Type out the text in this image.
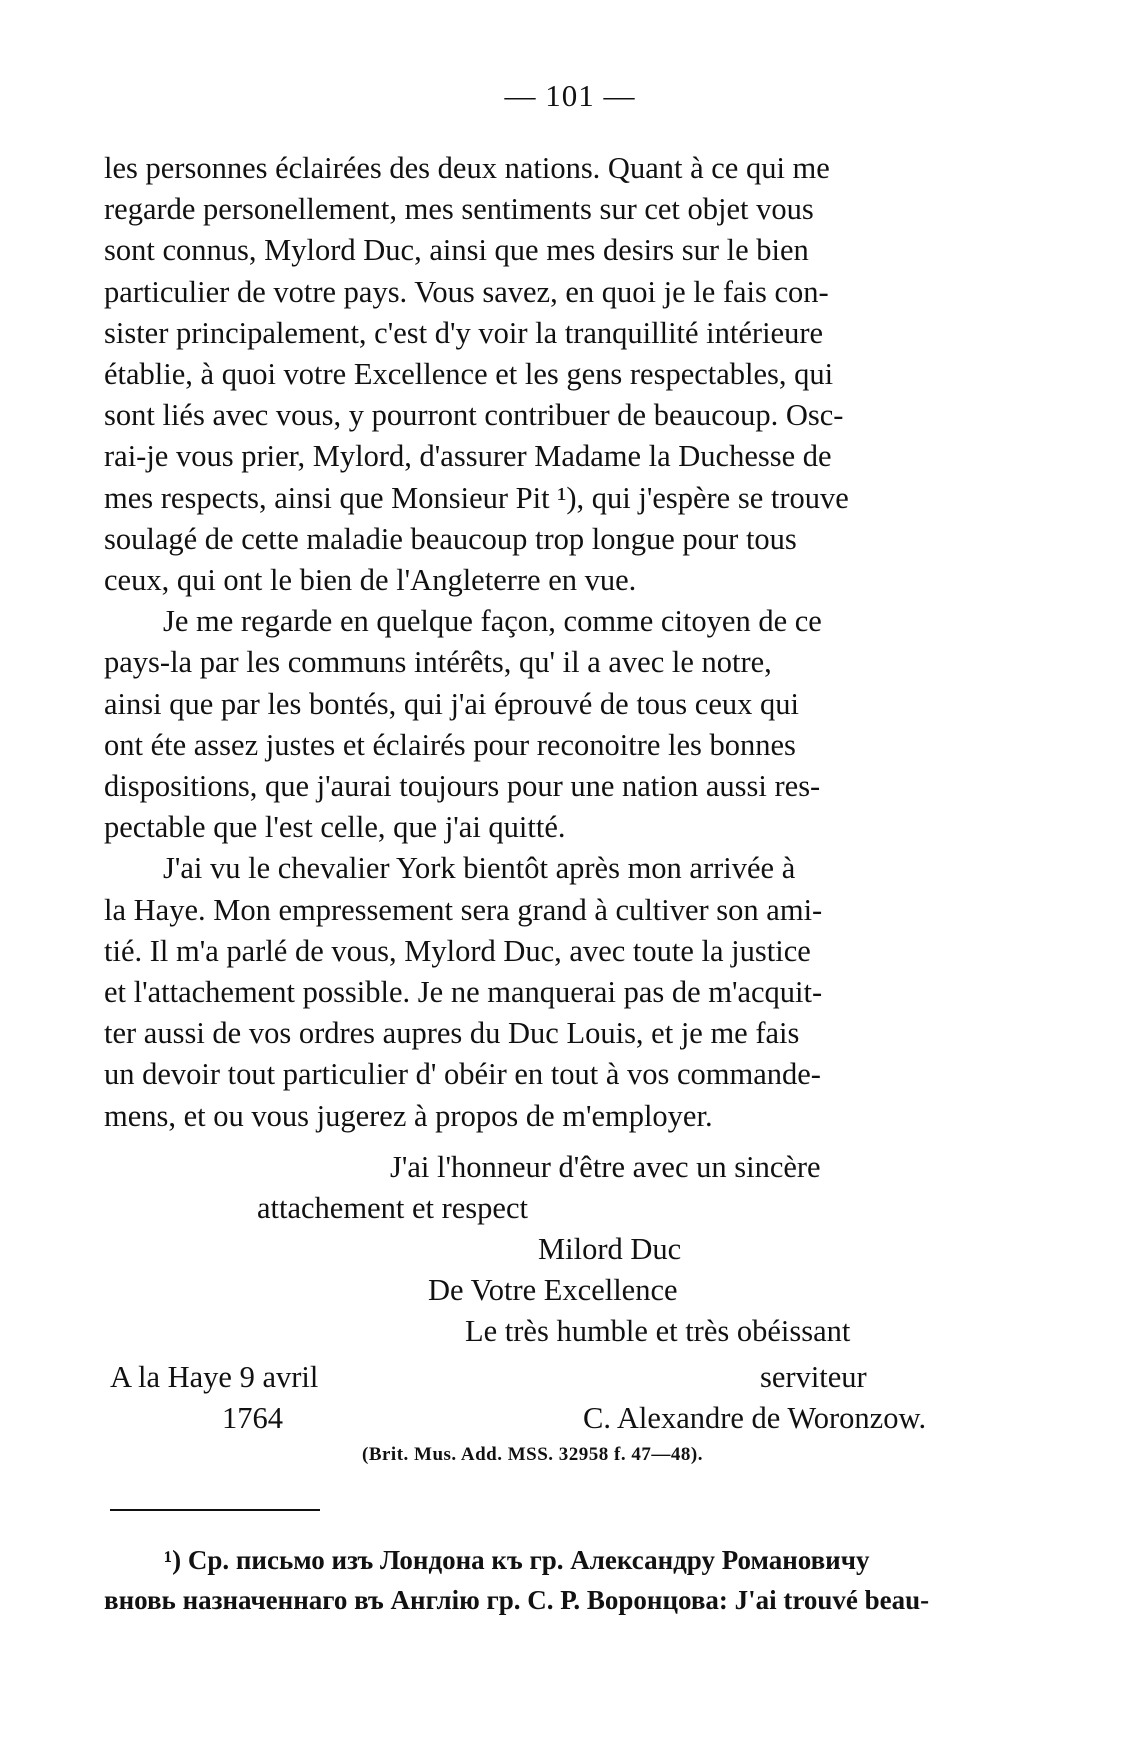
— 101 —

les personnes éclairées des deux nations. Quant à ce qui me
regarde personellement, mes sentiments sur cet objet vous
sont connus, Mylord Duc, ainsi que mes desirs sur le bien
particulier de votre pays. Vous savez, en quoi je le fais con-
sister principalement, c'est d'y voir la tranquillité intérieure
établie, à quoi votre Excellence et les gens respectables, qui
sont liés avec vous, y pourront contribuer de beaucoup. Osc-
rai-je vous prier, Mylord, d'assurer Madame la Duchesse de
mes respects, ainsi que Monsieur Pit ¹), qui j'espère se trouve
soulagé de cette maladie beaucoup trop longue pour tous
ceux, qui ont le bien de l'Angleterre en vue.

Je me regarde en quelque façon, comme citoyen de ce
pays-la par les communs intérêts, qu' il a avec le notre,
ainsi que par les bontés, qui j'ai éprouvé de tous ceux qui
ont éte assez justes et éclairés pour reconoitre les bonnes
dispositions, que j'aurai toujours pour une nation aussi res-
pectable que l'est celle, que j'ai quitté.

J'ai vu le chevalier York bientôt après mon arrivée à
la Haye. Mon empressement sera grand à cultiver son ami-
tié. Il m'a parlé de vous, Mylord Duc, avec toute la justice
et l'attachement possible. Je ne manquerai pas de m'acquit-
ter aussi de vos ordres aupres du Duc Louis, et je me fais
un devoir tout particulier d' obéir en tout à vos commande-
mens, et ou vous jugerez à propos de m'employer.

J'ai l'honneur d'être avec un sincère
attachement et respect
Milord Duc
De Votre Excellence
Le très humble et très obéissant
A la Haye 9 avril	serviteur
1764	C. Alexandre de Woronzow.
(Brit. Mus. Add. MSS. 32958 f. 47—48).
¹) Ср. письмо изъ Лондона къ гр. Александру Романовичу
вновь назначеннаго въ Англію гр. С. Р. Воронцова: J'ai trouvé beau-
